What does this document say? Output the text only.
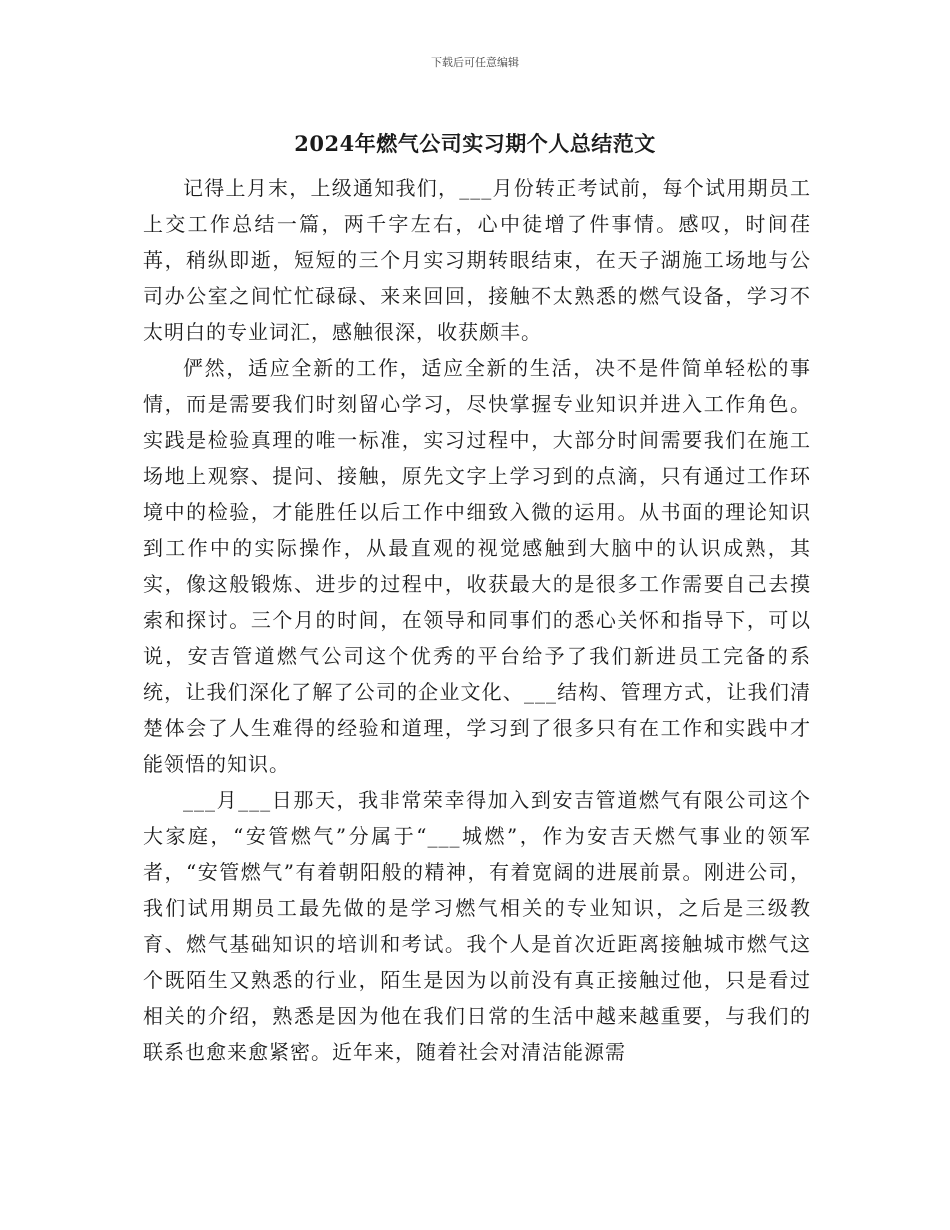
下载后可任意编辑
2024年燃气公司实习期个人总结范文

记得上月末，上级通知我们，___月份转正考试前，每个试用期员工上交工作总结一篇，两千字左右，心中徒增了件事情。感叹，时间荏苒，稍纵即逝，短短的三个月实习期转眼结束，在天子湖施工场地与公司办公室之间忙忙碌碌、来来回回，接触不太熟悉的燃气设备，学习不太明白的专业词汇，感触很深，收获颇丰。

俨然，适应全新的工作，适应全新的生活，决不是件简单轻松的事情，而是需要我们时刻留心学习，尽快掌握专业知识并进入工作角色。实践是检验真理的唯一标准，实习过程中，大部分时间需要我们在施工场地上观察、提问、接触，原先文字上学习到的点滴，只有通过工作环境中的检验，才能胜任以后工作中细致入微的运用。从书面的理论知识到工作中的实际操作，从最直观的视觉感触到大脑中的认识成熟，其实，像这般锻炼、进步的过程中，收获最大的是很多工作需要自己去摸索和探讨。三个月的时间，在领导和同事们的悉心关怀和指导下，可以说，安吉管道燃气公司这个优秀的平台给予了我们新进员工完备的系统，让我们深化了解了公司的企业文化、___结构、管理方式，让我们清楚体会了人生难得的经验和道理，学习到了很多只有在工作和实践中才能领悟的知识。

___月___日那天，我非常荣幸得加入到安吉管道燃气有限公司这个大家庭，“安管燃气”分属于“___城燃”，作为安吉天燃气事业的领军者，“安管燃气”有着朝阳般的精神，有着宽阔的进展前景。刚进公司，我们试用期员工最先做的是学习燃气相关的专业知识，之后是三级教育、燃气基础知识的培训和考试。我个人是首次近距离接触城市燃气这个既陌生又熟悉的行业，陌生是因为以前没有真正接触过他，只是看过相关的介绍，熟悉是因为他在我们日常的生活中越来越重要，与我们的联系也愈来愈紧密。近年来，随着社会对清洁能源需
